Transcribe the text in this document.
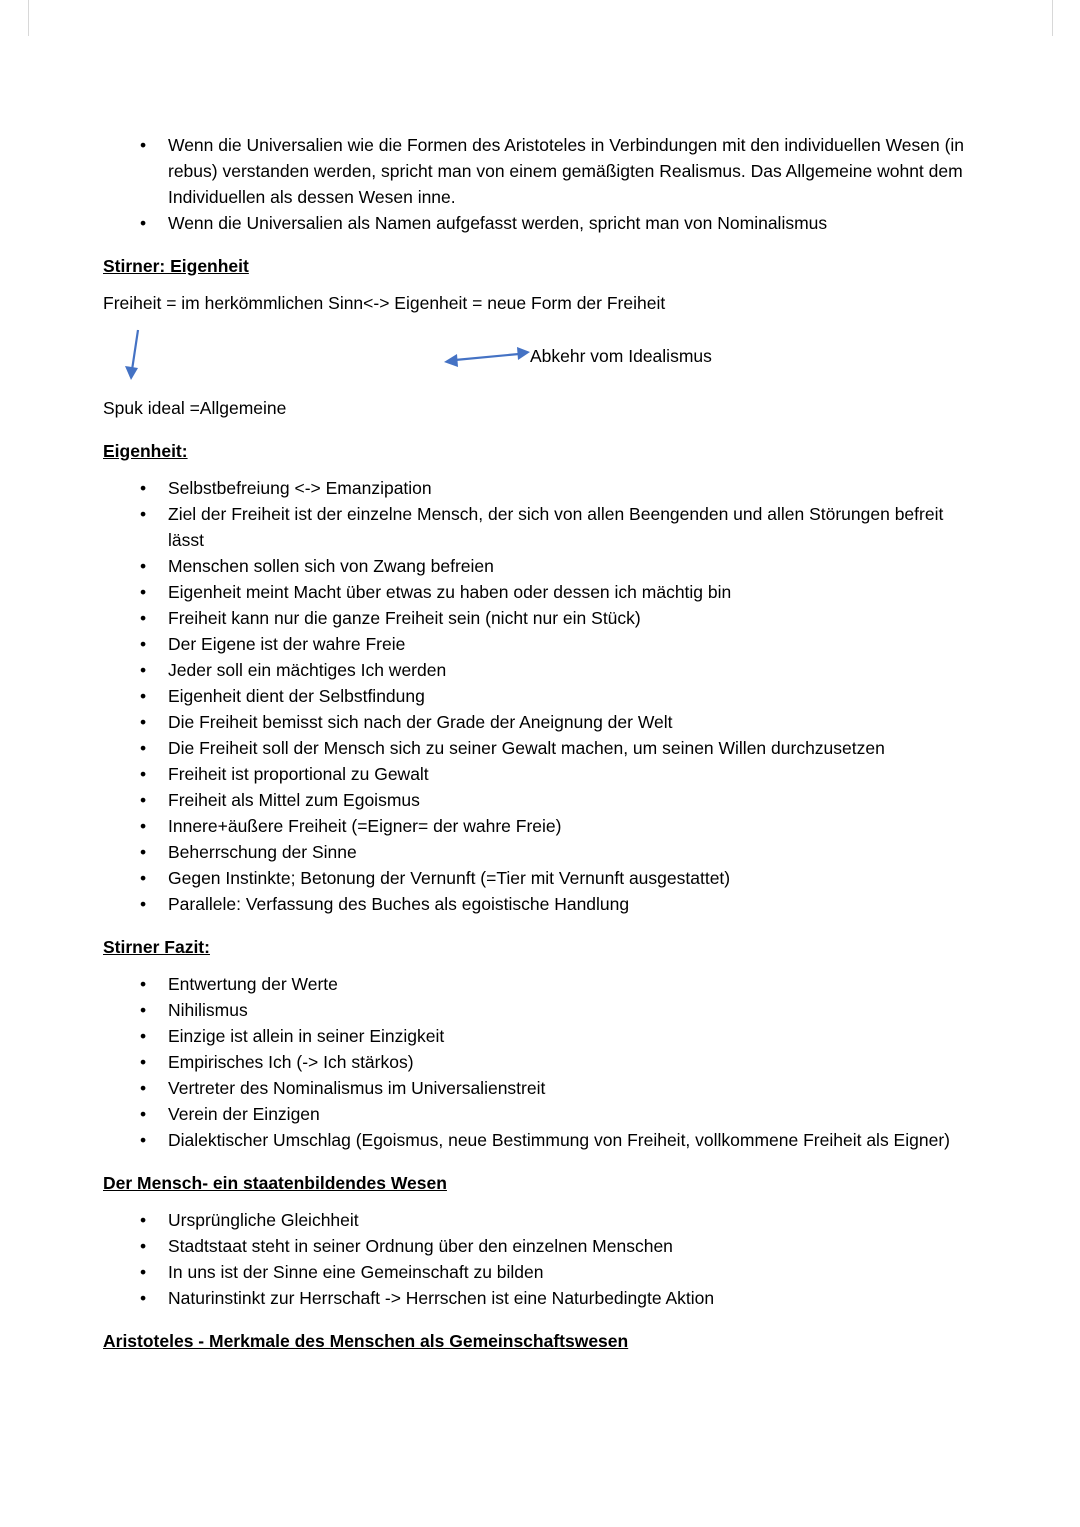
• Wenn die Universalien wie die Formen des Aristoteles in Verbindungen mit den individuellen Wesen (in rebus) verstanden werden, spricht man von einem gemäßigten Realismus. Das Allgemeine wohnt dem Individuellen als dessen Wesen inne.
• Wenn die Universalien als Namen aufgefasst werden, spricht man von Nominalismus
Stirner: Eigenheit

Freiheit = im herkömmlichen Sinn<-> Eigenheit = neue Form der Freiheit

Abkehr vom Idealismus

Spuk ideal =Allgemeine

Eigenheit:
• Selbstbefreiung <-> Emanzipation
• Ziel der Freiheit ist der einzelne Mensch, der sich von allen Beengenden und allen Störungen befreit lässt
• Menschen sollen sich von Zwang befreien
• Eigenheit meint Macht über etwas zu haben oder dessen ich mächtig bin
• Freiheit kann nur die ganze Freiheit sein (nicht nur ein Stück)
• Der Eigene ist der wahre Freie
• Jeder soll ein mächtiges Ich werden
• Eigenheit dient der Selbstfindung
• Die Freiheit bemisst sich nach der Grade der Aneignung der Welt
• Die Freiheit soll der Mensch sich zu seiner Gewalt machen, um seinen Willen durchzusetzen
• Freiheit ist proportional zu Gewalt
• Freiheit als Mittel zum Egoismus
• Innere+äußere Freiheit (=Eigner= der wahre Freie)
• Beherrschung der Sinne
• Gegen Instinkte; Betonung der Vernunft (=Tier mit Vernunft ausgestattet)
• Parallele: Verfassung des Buches als egoistische Handlung
Stirner Fazit:
• Entwertung der Werte
• Nihilismus
• Einzige ist allein in seiner Einzigkeit
• Empirisches Ich (-> Ich stärkos)
• Vertreter des Nominalismus im Universalienstreit
• Verein der Einzigen
• Dialektischer Umschlag (Egoismus, neue Bestimmung von Freiheit, vollkommene Freiheit als Eigner)
Der Mensch- ein staatenbildendes Wesen
• Ursprüngliche Gleichheit
• Stadtstaat steht in seiner Ordnung über den einzelnen Menschen
• In uns ist der Sinne eine Gemeinschaft zu bilden
• Naturinstinkt zur Herrschaft -> Herrschen ist eine Naturbedingte Aktion
Aristoteles - Merkmale des Menschen als Gemeinschaftswesen
